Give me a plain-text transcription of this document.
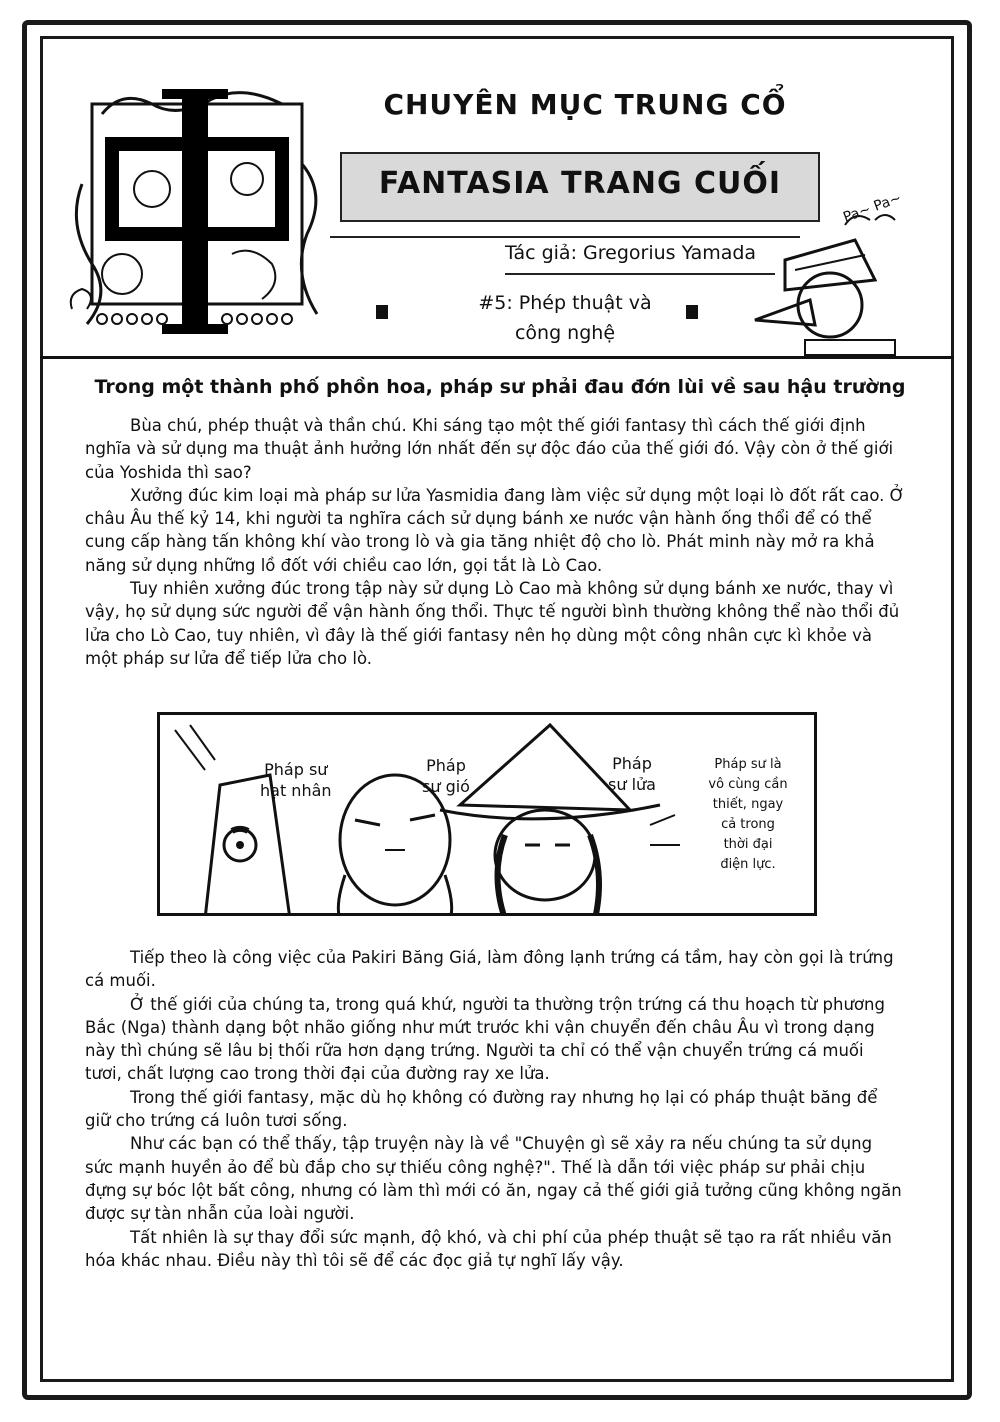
CHUYÊN MỤC TRUNG CỔ
FANTASIA TRANG CUỐI
Tác giả: Gregorius Yamada
#5: Phép thuật và
công nghệ
Pa~ Pa~
Trong một thành phố phồn hoa, pháp sư phải đau đớn lùi về sau hậu trường

Bùa chú, phép thuật và thần chú. Khi sáng tạo một thế giới fantasy thì cách thế giới định nghĩa và sử dụng ma thuật ảnh hưởng lớn nhất đến sự độc đáo của thế giới đó. Vậy còn ở thế giới của Yoshida thì sao?

Xưởng đúc kim loại mà pháp sư lửa Yasmidia đang làm việc sử dụng một loại lò đốt rất cao. Ở châu Âu thế kỷ 14, khi người ta nghĩra cách sử dụng bánh xe nước vận hành ống thổi để có thể cung cấp hàng tấn không khí vào trong lò và gia tăng nhiệt độ cho lò. Phát minh này mở ra khả năng sử dụng những lồ đốt với chiều cao lớn, gọi tắt là Lò Cao.

Tuy nhiên xưởng đúc trong tập này sử dụng Lò Cao mà không sử dụng bánh xe nước, thay vì vậy, họ sử dụng sức người để vận hành ống thổi. Thực tế người bình thường không thể nào thổi đủ lửa cho Lò Cao, tuy nhiên, vì đây là thế giới fantasy nên họ dùng một công nhân cực kì khỏe và một pháp sư lửa để tiếp lửa cho lò.

Pháp sư
hạt nhân
Pháp
sư gió
Pháp
sư lửa
Pháp sư là
vô cùng cần
thiết, ngay
cả trong
thời đại
điện lực.

Tiếp theo là công việc của Pakiri Băng Giá, làm đông lạnh trứng cá tầm, hay còn gọi là trứng cá muối.

Ở thế giới của chúng ta, trong quá khứ, người ta thường trộn trứng cá thu hoạch từ phương Bắc (Nga) thành dạng bột nhão giống như mứt trước khi vận chuyển đến châu Âu vì trong dạng này thì chúng sẽ lâu bị thối rữa hơn dạng trứng. Người ta chỉ có thể vận chuyển trứng cá muối tươi, chất lượng cao trong thời đại của đường ray xe lửa.

Trong thế giới fantasy, mặc dù họ không có đường ray nhưng họ lại có pháp thuật băng để giữ cho trứng cá luôn tươi sống.

Như các bạn có thể thấy, tập truyện này là về "Chuyện gì sẽ xảy ra nếu chúng ta sử dụng sức mạnh huyền ảo để bù đắp cho sự thiếu công nghệ?". Thế là dẫn tới việc pháp sư phải chịu đựng sự bóc lột bất công, nhưng có làm thì mới có ăn, ngay cả thế giới giả tưởng cũng không ngăn được sự tàn nhẫn của loài người.

Tất nhiên là sự thay đổi sức mạnh, độ khó, và chi phí của phép thuật sẽ tạo ra rất nhiều văn hóa khác nhau. Điều này thì tôi sẽ để các đọc giả tự nghĩ lấy vậy.
